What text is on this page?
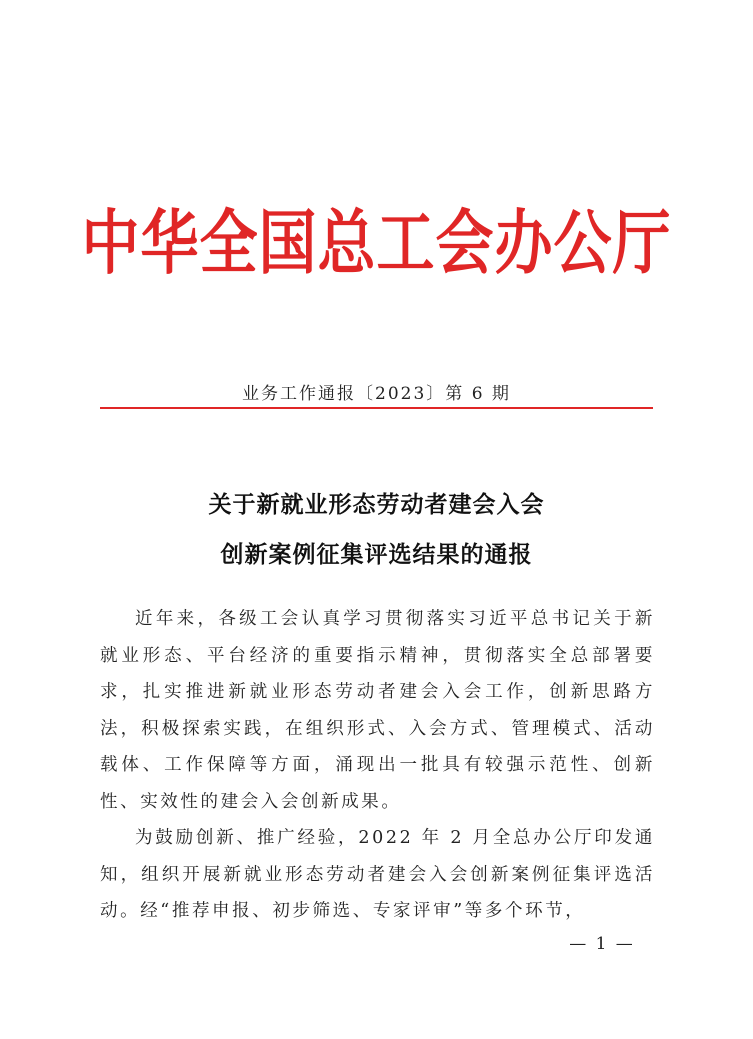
中华全国总工会办公厅
业务工作通报〔2023〕第 6 期
关于新就业形态劳动者建会入会
创新案例征集评选结果的通报

近年来，各级工会认真学习贯彻落实习近平总书记关于新就业形态、平台经济的重要指示精神，贯彻落实全总部署要求，扎实推进新就业形态劳动者建会入会工作，创新思路方法，积极探索实践，在组织形式、入会方式、管理模式、活动载体、工作保障等方面，涌现出一批具有较强示范性、创新性、实效性的建会入会创新成果。

为鼓励创新、推广经验，2022 年 2 月全总办公厅印发通知，组织开展新就业形态劳动者建会入会创新案例征集评选活动。经“推荐申报、初步筛选、专家评审”等多个环节，

— 1 —
